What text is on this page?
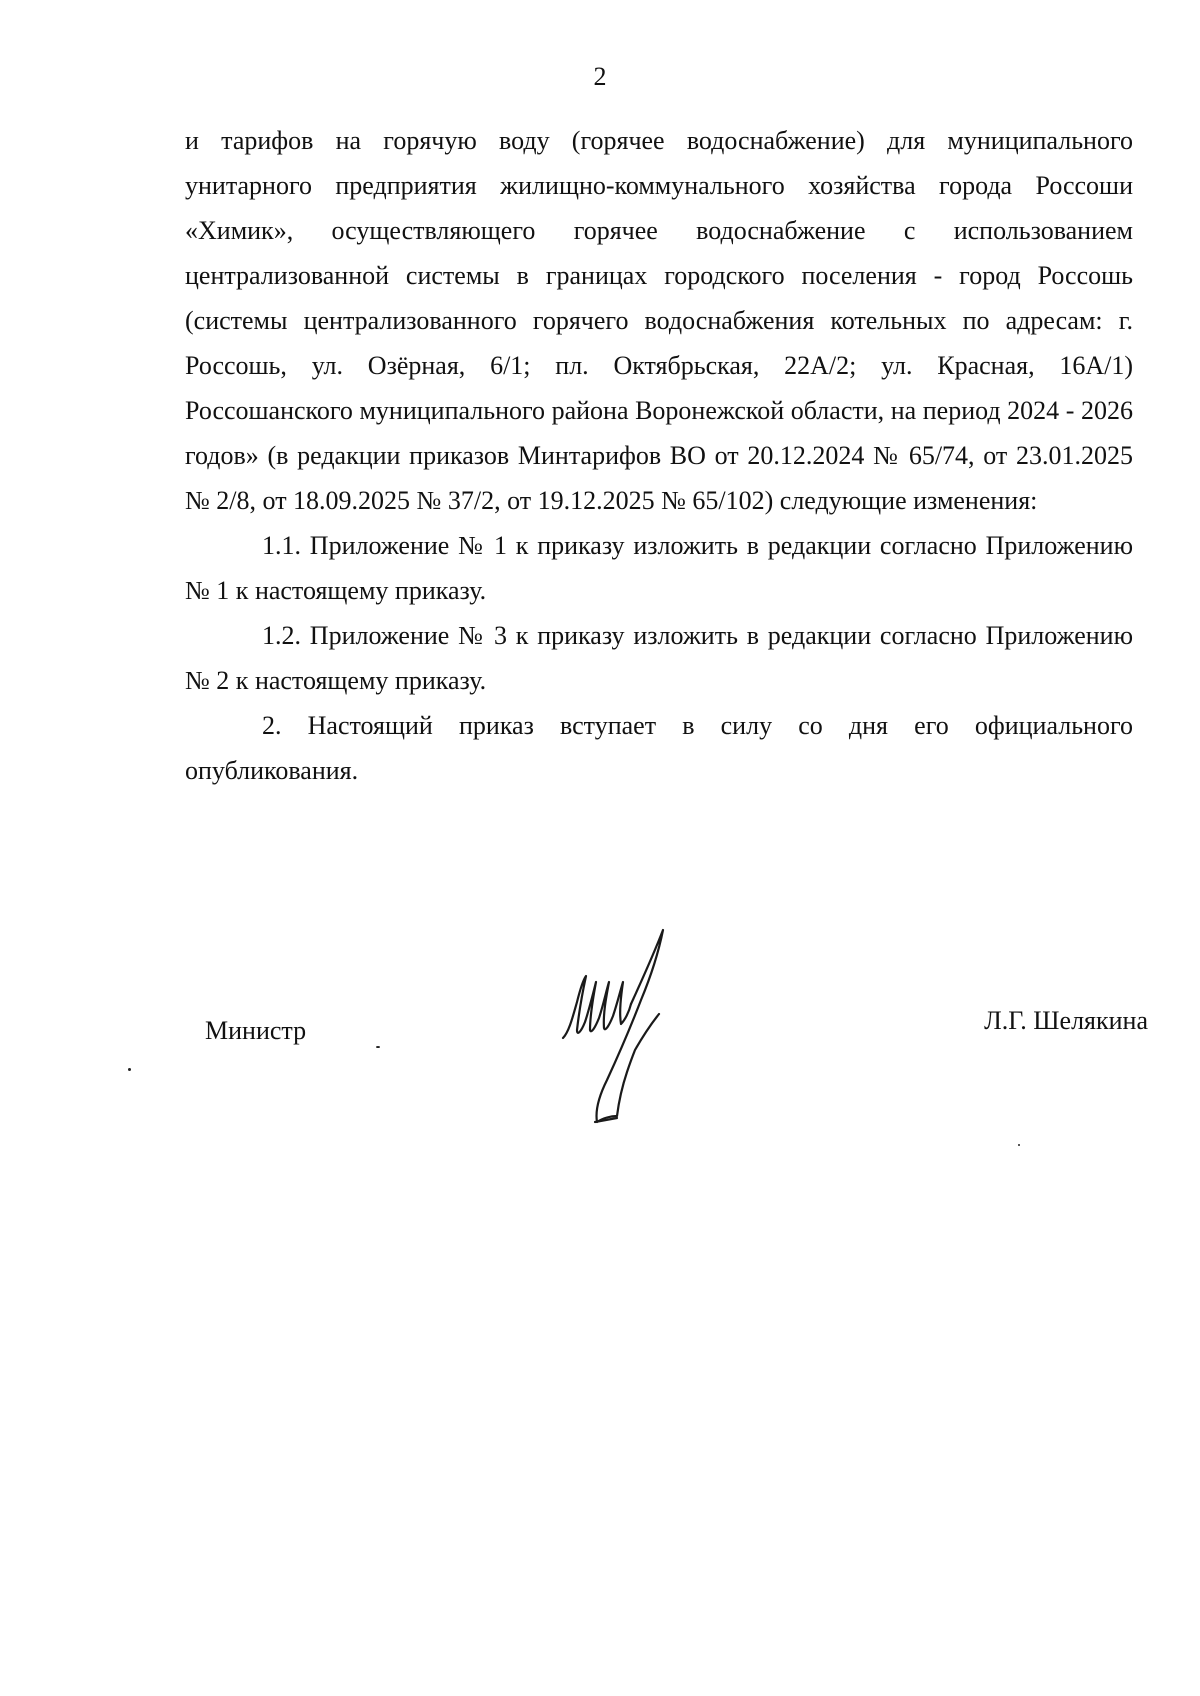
2

и тарифов на горячую воду (горячее водоснабжение) для муниципального унитарного предприятия жилищно-коммунального хозяйства города Россоши «Химик», осуществляющего горячее водоснабжение с использованием централизованной системы в границах городского поселения - город Россошь (системы централизованного горячего водоснабжения котельных по адресам: г. Россошь, ул. Озёрная, 6/1; пл. Октябрьская, 22А/2; ул. Красная, 16А/1) Россошанского муниципального района Воронежской области, на период 2024 - 2026 годов» (в редакции приказов Минтарифов ВО от 20.12.2024 № 65/74, от 23.01.2025 № 2/8, от 18.09.2025 № 37/2, от 19.12.2025 № 65/102) следующие изменения:

1.1. Приложение № 1 к приказу изложить в редакции согласно Приложению № 1 к настоящему приказу.

1.2. Приложение № 3 к приказу изложить в редакции согласно Приложению № 2 к настоящему приказу.

2. Настоящий приказ вступает в силу со дня его официального опубликования.

Министр	Л.Г. Шелякина
